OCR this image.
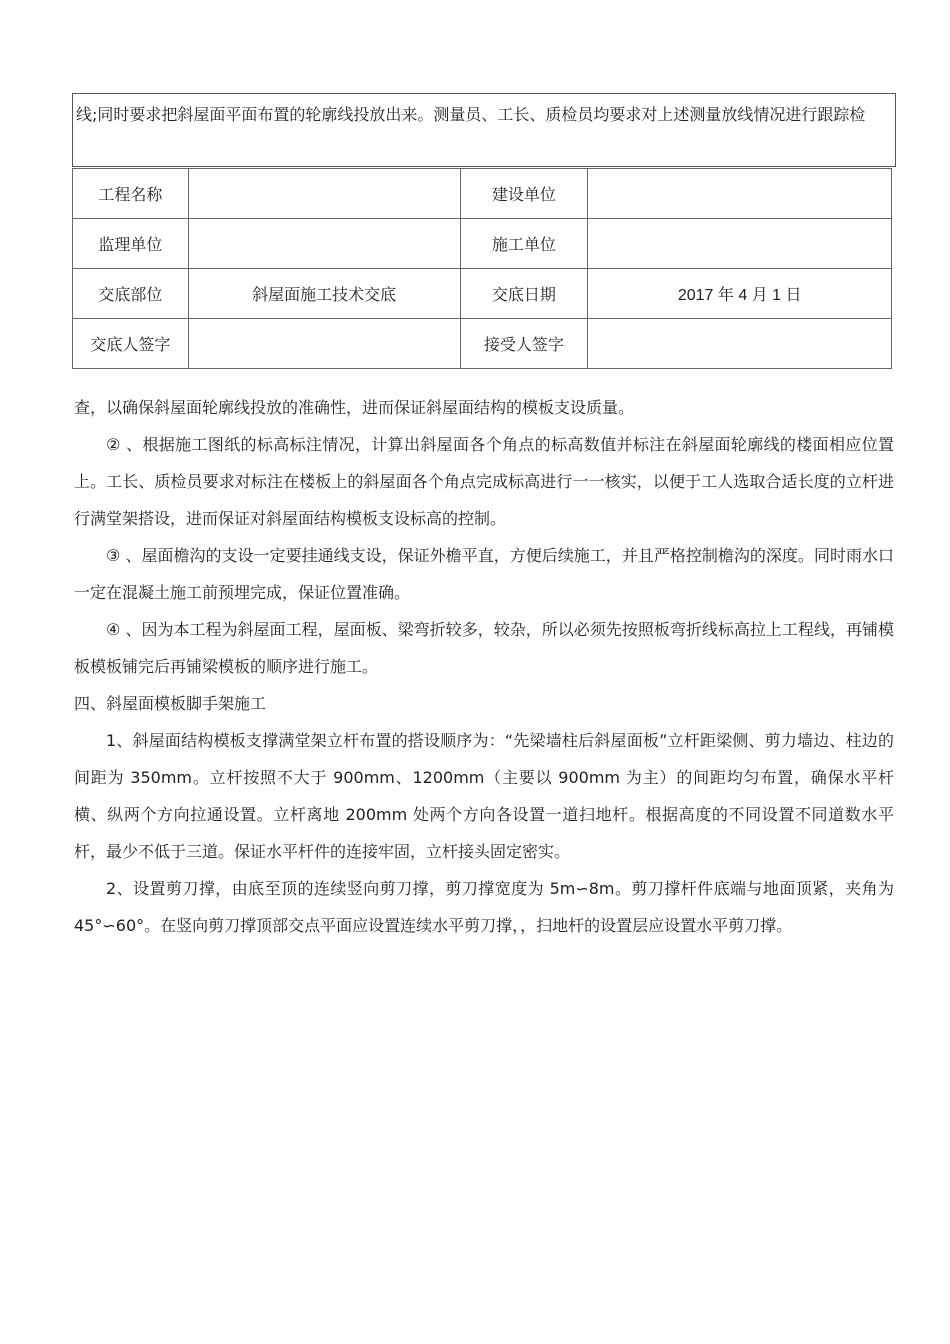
线;同时要求把斜屋面平面布置的轮廓线投放出来。测量员、工长、质检员均要求对上述测量放线情况进行跟踪检
工程名称		建设单位	
监理单位		施工单位	
交底部位	斜屋面施工技术交底	交底日期	2017 年 4 月 1 日
交底人签字		接受人签字	

查，以确保斜屋面轮廓线投放的准确性，进而保证斜屋面结构的模板支设质量。

② 、根据施工图纸的标高标注情况，计算出斜屋面各个角点的标高数值并标注在斜屋面轮廓线的楼面相应位置上。工长、质检员要求对标注在楼板上的斜屋面各个角点完成标高进行一一核实，以便于工人选取合适长度的立杆进行满堂架搭设，进而保证对斜屋面结构模板支设标高的控制。

③ 、屋面檐沟的支设一定要挂通线支设，保证外檐平直，方便后续施工，并且严格控制檐沟的深度。同时雨水口一定在混凝土施工前预埋完成，保证位置准确。

④ 、因为本工程为斜屋面工程，屋面板、梁弯折较多，较杂，所以必须先按照板弯折线标高拉上工程线，再铺模板模板铺完后再铺梁模板的顺序进行施工。

四、斜屋面模板脚手架施工

1、斜屋面结构模板支撑满堂架立杆布置的搭设顺序为：“先梁墙柱后斜屋面板”立杆距梁侧、剪力墙边、柱边的间距为 350mm。立杆按照不大于 900mm、1200mm（主要以 900mm 为主）的间距均匀布置，确保水平杆横、纵两个方向拉通设置。立杆离地 200mm 处两个方向各设置一道扫地杆。根据高度的不同设置不同道数水平杆，最少不低于三道。保证水平杆件的连接牢固，立杆接头固定密实。

2、设置剪刀撑，由底至顶的连续竖向剪刀撑，剪刀撑宽度为 5m∽8m。剪刀撑杆件底端与地面顶紧，夹角为 45°∽60°。在竖向剪刀撑顶部交点平面应设置连续水平剪刀撑，，扫地杆的设置层应设置水平剪刀撑。
